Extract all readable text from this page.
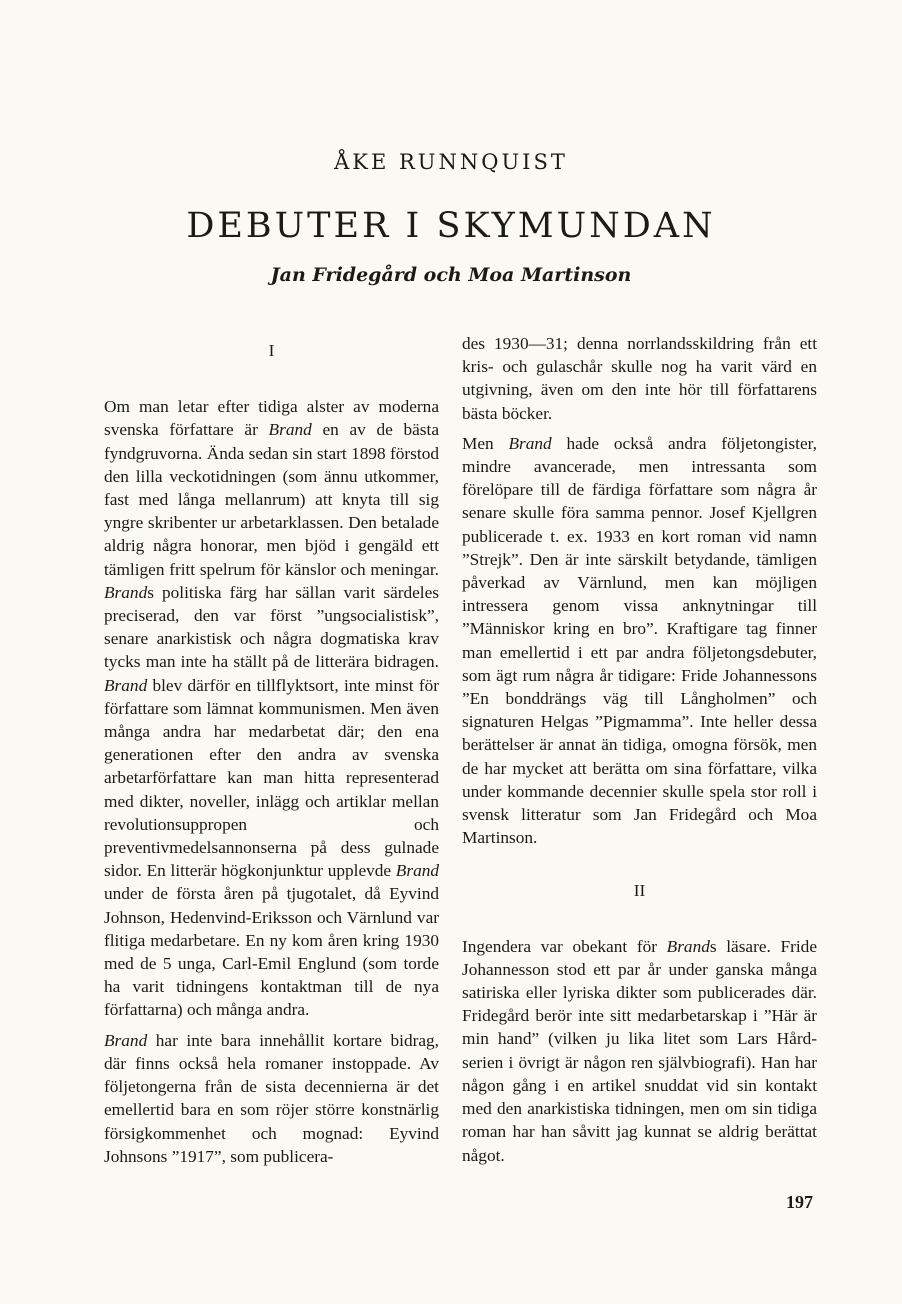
ÅKE RUNNQUIST

DEBUTER I SKYMUNDAN

Jan Fridegård och Moa Martinson

I

Om man letar efter tidiga alster av moderna svenska författare är Brand en av de bästa fyndgruvorna. Ända sedan sin start 1898 förstod den lilla veckotidningen (som ännu utkommer, fast med långa mellanrum) att knyta till sig yngre skribenter ur arbetarklassen. Den betalade aldrig några honorar, men bjöd i gengäld ett tämligen fritt spelrum för känslor och meningar. Brands politiska färg har sällan varit särdeles preciserad, den var först ”ungsocialistisk”, senare anarkistisk och några dogmatiska krav tycks man inte ha ställt på de litterära bidragen. Brand blev därför en tillflyktsort, inte minst för författare som lämnat kommunismen. Men även många andra har medarbetat där; den ena generationen efter den andra av svenska arbetarförfattare kan man hitta representerad med dikter, noveller, inlägg och artiklar mellan revolutionsuppropen och preventivmedelsannonserna på dess gulnade sidor. En litterär högkonjunktur upplevde Brand under de första åren på tjugotalet, då Eyvind Johnson, Hedenvind-Eriksson och Värnlund var flitiga medarbetare. En ny kom åren kring 1930 med de 5 unga, Carl-Emil Englund (som torde ha varit tidningens kontaktman till de nya författarna) och många andra.

Brand har inte bara innehållit kortare bidrag, där finns också hela romaner instoppade. Av följetongerna från de sista decennierna är det emellertid bara en som röjer större konstnärlig försigkommenhet och mognad: Eyvind Johnsons ”1917”, som publicera-

des 1930—31; denna norrlandsskildring från ett kris- och gulaschår skulle nog ha varit värd en utgivning, även om den inte hör till författarens bästa böcker.

Men Brand hade också andra följetongister, mindre avancerade, men intressanta som förelöpare till de färdiga författare som några år senare skulle föra samma pennor. Josef Kjellgren publicerade t. ex. 1933 en kort roman vid namn ”Strejk”. Den är inte särskilt betydande, tämligen påverkad av Värnlund, men kan möjligen intressera genom vissa anknytningar till ”Människor kring en bro”. Kraftigare tag finner man emellertid i ett par andra följetongsdebuter, som ägt rum några år tidigare: Fride Johannessons ”En bonddrängs väg till Långholmen” och signaturen Helgas ”Pigmamma”. Inte heller dessa berättelser är annat än tidiga, omogna försök, men de har mycket att berätta om sina författare, vilka under kommande decennier skulle spela stor roll i svensk litteratur som Jan Fridegård och Moa Martinson.

II

Ingendera var obekant för Brands läsare. Fride Johannesson stod ett par år under ganska många satiriska eller lyriska dikter som publicerades där. Fridegård berör inte sitt medarbetarskap i ”Här är min hand” (vilken ju lika litet som Lars Hård-serien i övrigt är någon ren självbiografi). Han har någon gång i en artikel snuddat vid sin kontakt med den anarkistiska tidningen, men om sin tidiga roman har han såvitt jag kunnat se aldrig berättat något.

197
